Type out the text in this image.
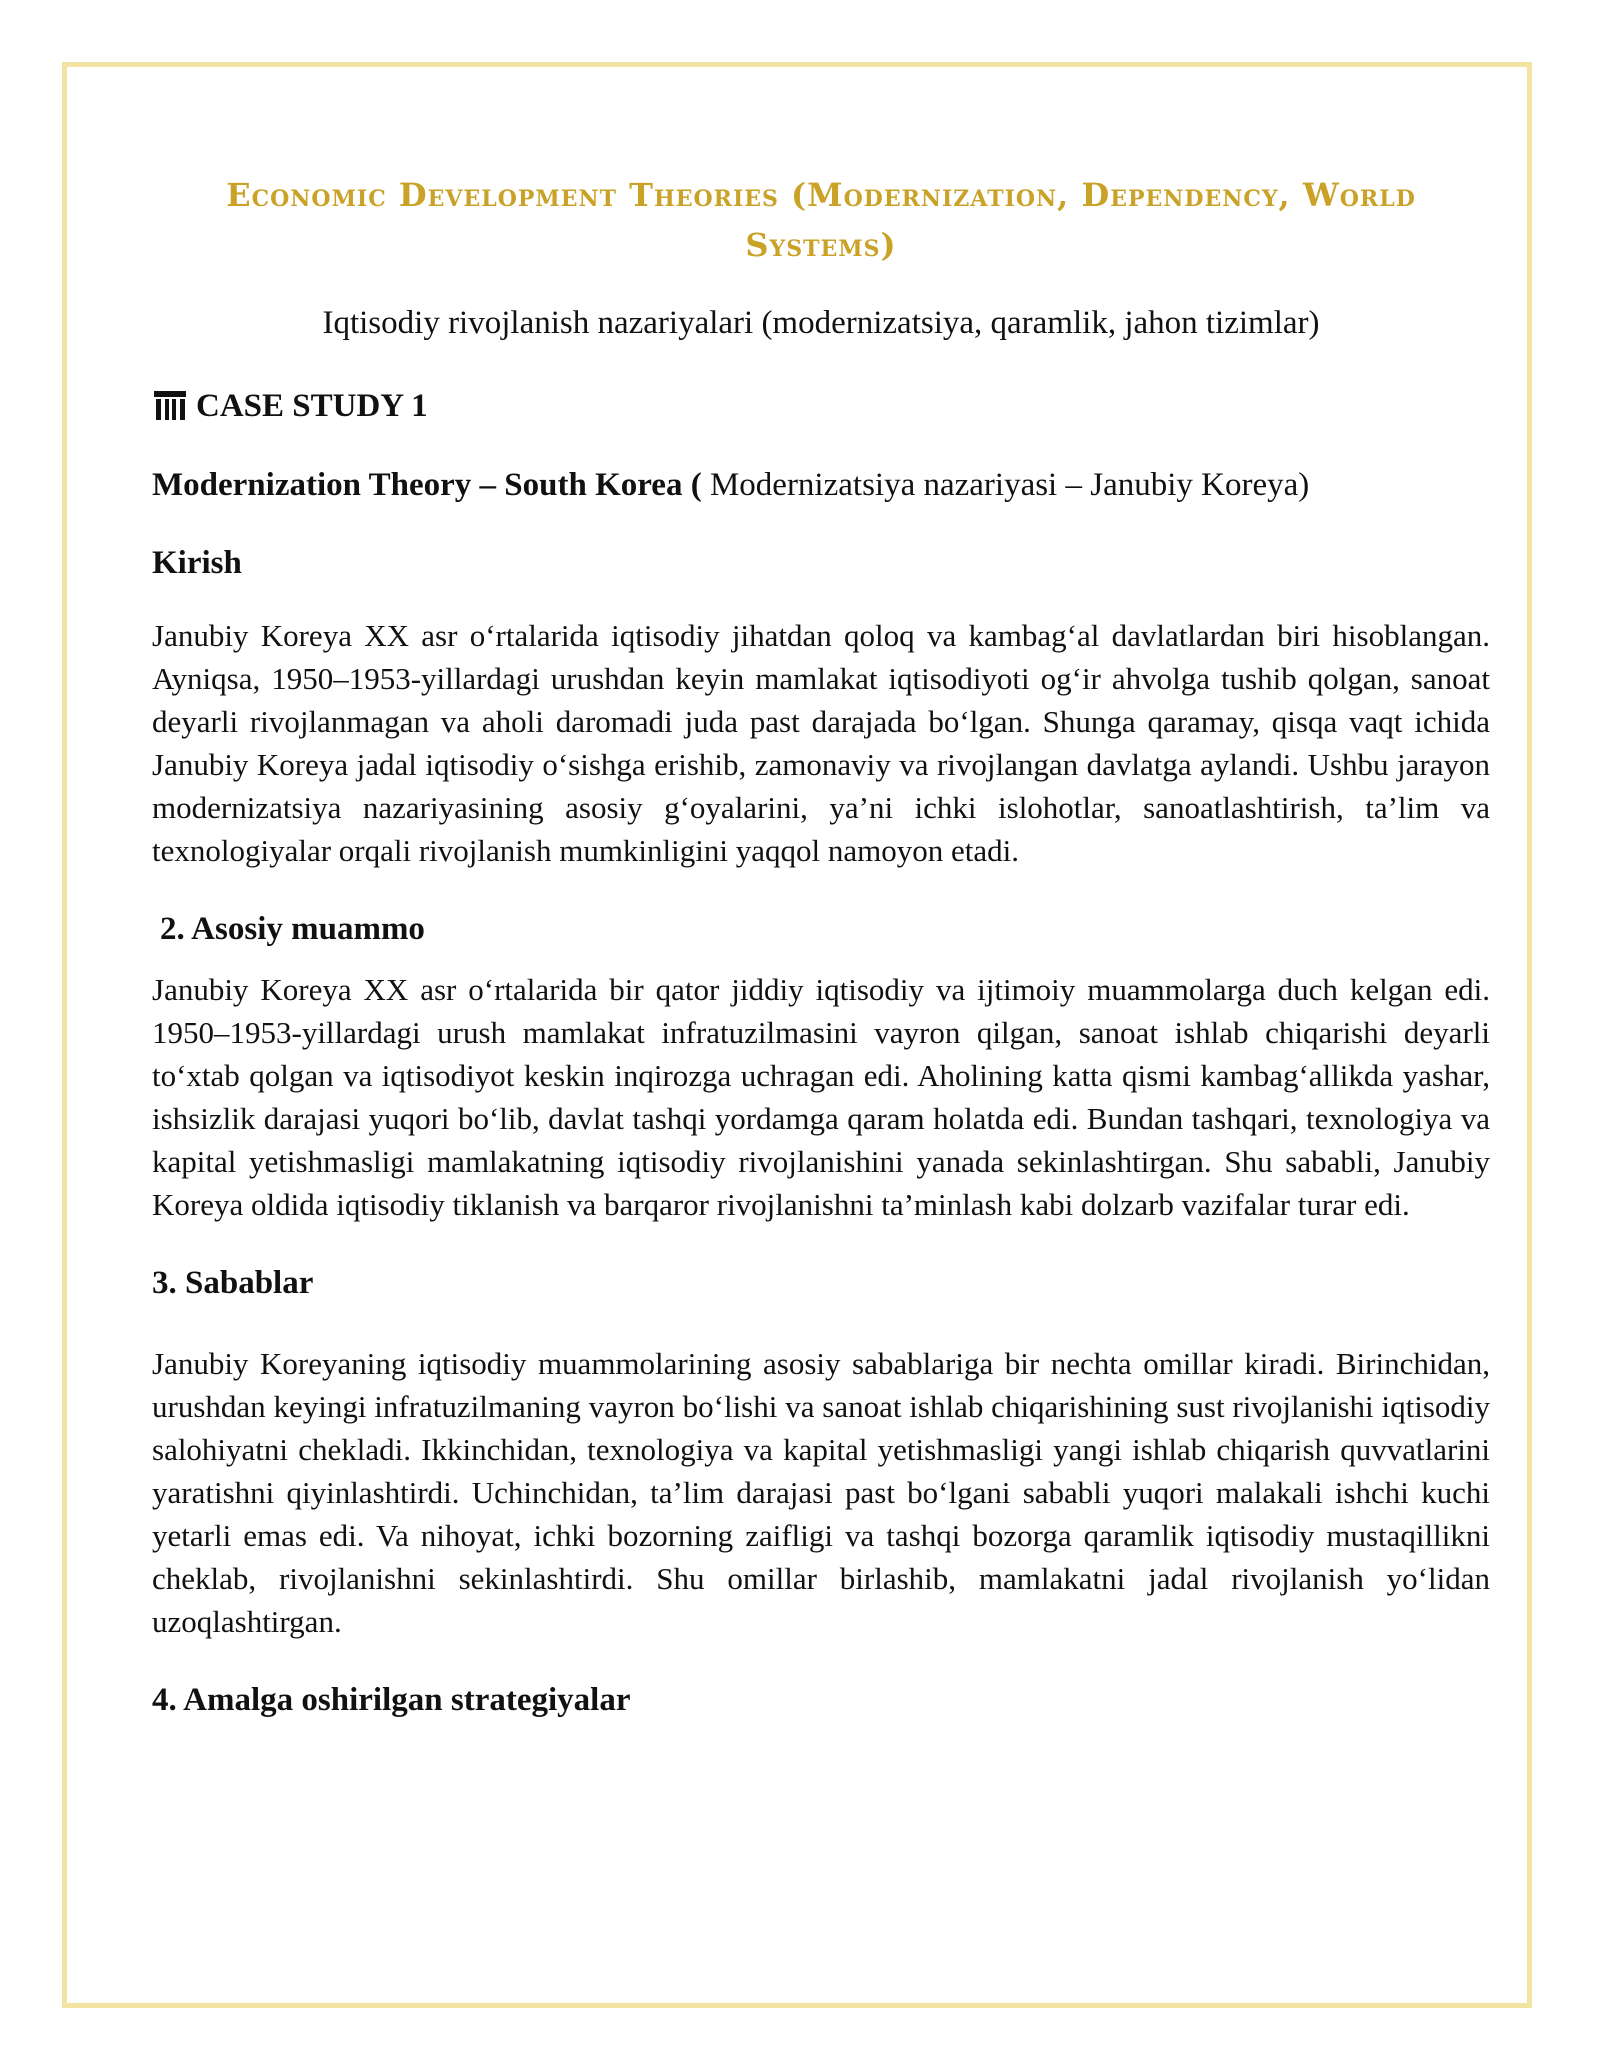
Economic Development Theories (Modernization, Dependency, World Systems)

Iqtisodiy rivojlanish nazariyalari (modernizatsiya, qaramlik, jahon tizimlar)

CASE STUDY 1

Modernization Theory – South Korea ( Modernizatsiya nazariyasi – Janubiy Koreya)

Kirish

Janubiy Koreya XX asr o‘rtalarida iqtisodiy jihatdan qoloq va kambag‘al davlatlardan biri hisoblangan. Ayniqsa, 1950–1953-yillardagi urushdan keyin mamlakat iqtisodiyoti og‘ir ahvolga tushib qolgan, sanoat deyarli rivojlanmagan va aholi daromadi juda past darajada bo‘lgan. Shunga qaramay, qisqa vaqt ichida Janubiy Koreya jadal iqtisodiy o‘sishga erishib, zamonaviy va rivojlangan davlatga aylandi. Ushbu jarayon modernizatsiya nazariyasining asosiy g‘oyalarini, ya’ni ichki islohotlar, sanoatlashtirish, ta’lim va texnologiyalar orqali rivojlanish mumkinligini yaqqol namoyon etadi.

2. Asosiy muammo

Janubiy Koreya XX asr o‘rtalarida bir qator jiddiy iqtisodiy va ijtimoiy muammolarga duch kelgan edi. 1950–1953-yillardagi urush mamlakat infratuzilmasini vayron qilgan, sanoat ishlab chiqarishi deyarli to‘xtab qolgan va iqtisodiyot keskin inqirozga uchragan edi. Aholining katta qismi kambag‘allikda yashar, ishsizlik darajasi yuqori bo‘lib, davlat tashqi yordamga qaram holatda edi. Bundan tashqari, texnologiya va kapital yetishmasligi mamlakatning iqtisodiy rivojlanishini yanada sekinlashtirgan. Shu sababli, Janubiy Koreya oldida iqtisodiy tiklanish va barqaror rivojlanishni ta’minlash kabi dolzarb vazifalar turar edi.

3. Sabablar

Janubiy Koreyaning iqtisodiy muammolarining asosiy sabablariga bir nechta omillar kiradi. Birinchidan, urushdan keyingi infratuzilmaning vayron bo‘lishi va sanoat ishlab chiqarishining sust rivojlanishi iqtisodiy salohiyatni chekladi. Ikkinchidan, texnologiya va kapital yetishmasligi yangi ishlab chiqarish quvvatlarini yaratishni qiyinlashtirdi. Uchinchidan, ta’lim darajasi past bo‘lgani sababli yuqori malakali ishchi kuchi yetarli emas edi. Va nihoyat, ichki bozorning zaifligi va tashqi bozorga qaramlik iqtisodiy mustaqillikni cheklab, rivojlanishni sekinlashtirdi. Shu omillar birlashib, mamlakatni jadal rivojlanish yo‘lidan uzoqlashtirgan.

4. Amalga oshirilgan strategiyalar
